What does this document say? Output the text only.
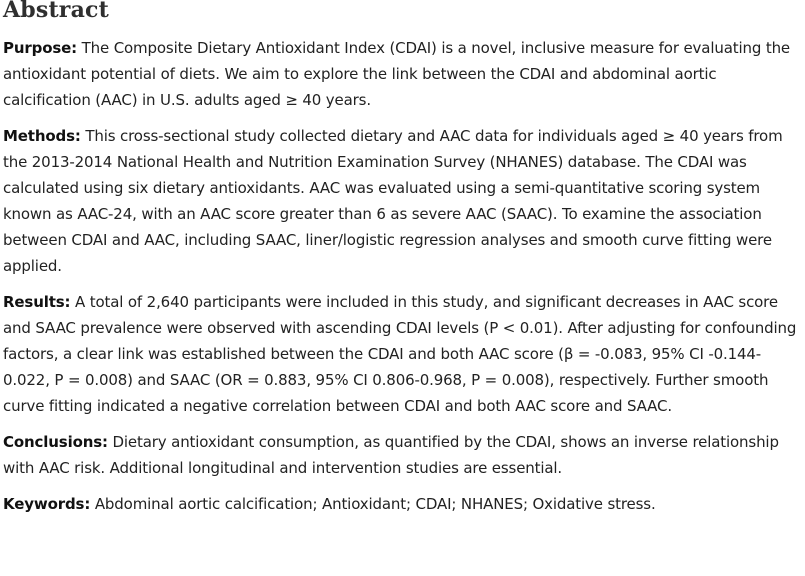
Abstract

Purpose: The Composite Dietary Antioxidant Index (CDAI) is a novel, inclusive measure for evaluating the antioxidant potential of diets. We aim to explore the link between the CDAI and abdominal aortic calcification (AAC) in U.S. adults aged ≥ 40 years.

Methods: This cross-sectional study collected dietary and AAC data for individuals aged ≥ 40 years from the 2013-2014 National Health and Nutrition Examination Survey (NHANES) database. The CDAI was calculated using six dietary antioxidants. AAC was evaluated using a semi-quantitative scoring system known as AAC-24, with an AAC score greater than 6 as severe AAC (SAAC). To examine the association between CDAI and AAC, including SAAC, liner/logistic regression analyses and smooth curve fitting were applied.

Results: A total of 2,640 participants were included in this study, and significant decreases in AAC score and SAAC prevalence were observed with ascending CDAI levels (P < 0.01). After adjusting for confounding factors, a clear link was established between the CDAI and both AAC score (β = -0.083, 95% CI -0.144-0.022, P = 0.008) and SAAC (OR = 0.883, 95% CI 0.806-0.968, P = 0.008), respectively. Further smooth curve fitting indicated a negative correlation between CDAI and both AAC score and SAAC.

Conclusions: Dietary antioxidant consumption, as quantified by the CDAI, shows an inverse relationship with AAC risk. Additional longitudinal and intervention studies are essential.

Keywords: Abdominal aortic calcification; Antioxidant; CDAI; NHANES; Oxidative stress.
